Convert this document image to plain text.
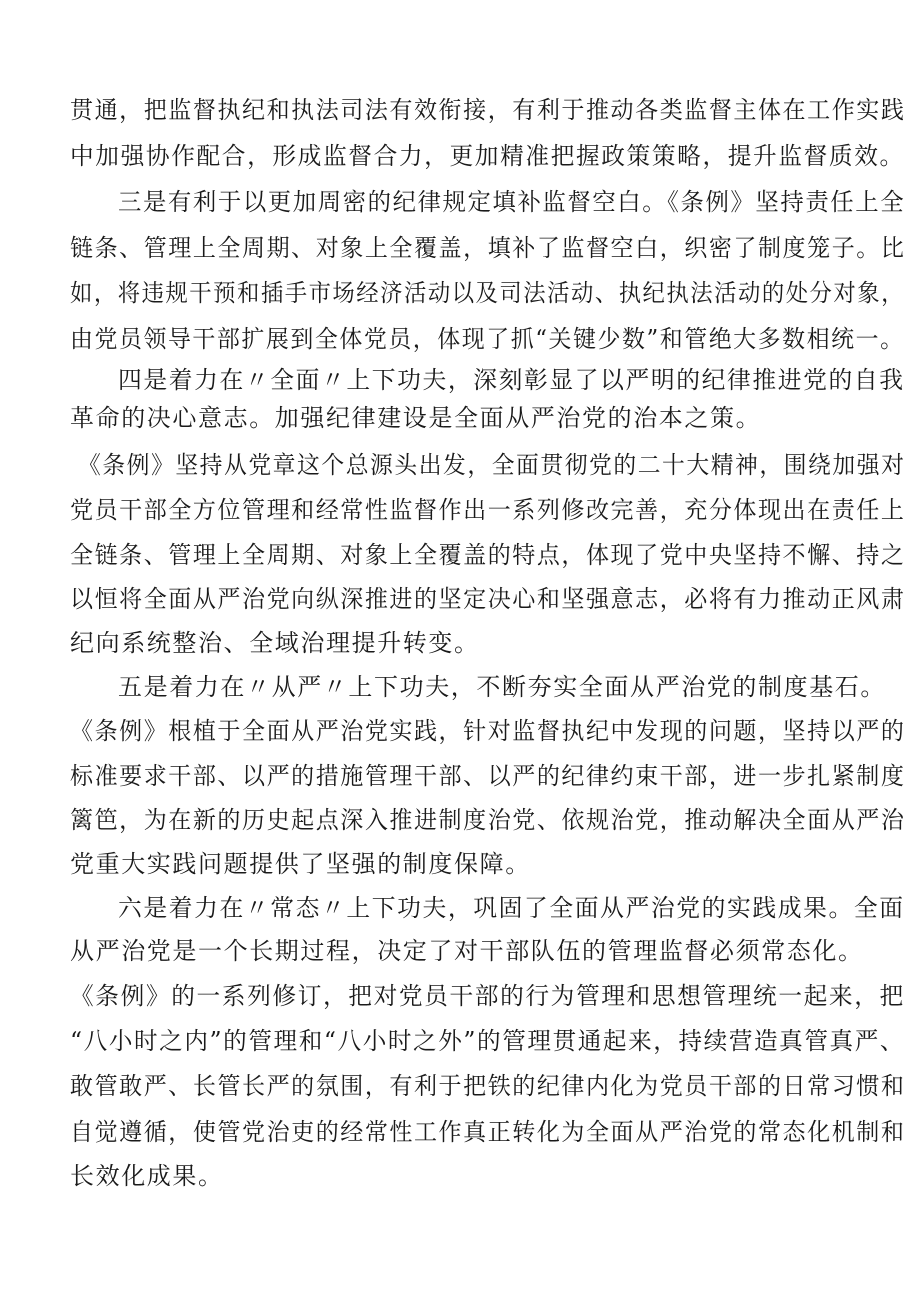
贯通，把监督执纪和执法司法有效衔接，有利于推动各类监督主体在工作实践
中加强协作配合，形成监督合力，更加精准把握政策策略，提升监督质效。
三是有利于以更加周密的纪律规定填补监督空白。《条例》坚持责任上全
链条、管理上全周期、对象上全覆盖，填补了监督空白，织密了制度笼子。比
如，将违规干预和插手市场经济活动以及司法活动、执纪执法活动的处分对象，
由党员领导干部扩展到全体党员，体现了抓“关键少数”和管绝大多数相统一。
四是着力在〃全面〃上下功夫，深刻彰显了以严明的纪律推进党的自我
革命的决心意志。加强纪律建设是全面从严治党的治本之策。
《条例》坚持从党章这个总源头出发，全面贯彻党的二十大精神，围绕加强对
党员干部全方位管理和经常性监督作出一系列修改完善，充分体现出在责任上
全链条、管理上全周期、对象上全覆盖的特点，体现了党中央坚持不懈、持之
以恒将全面从严治党向纵深推进的坚定决心和坚强意志，必将有力推动正风肃
纪向系统整治、全域治理提升转变。
五是着力在〃从严〃上下功夫，不断夯实全面从严治党的制度基石。
《条例》根植于全面从严治党实践，针对监督执纪中发现的问题，坚持以严的
标准要求干部、以严的措施管理干部、以严的纪律约束干部，进一步扎紧制度
篱笆，为在新的历史起点深入推进制度治党、依规治党，推动解决全面从严治
党重大实践问题提供了坚强的制度保障。
六是着力在〃常态〃上下功夫，巩固了全面从严治党的实践成果。全面
从严治党是一个长期过程，决定了对干部队伍的管理监督必须常态化。
《条例》的一系列修订，把对党员干部的行为管理和思想管理统一起来，把
“八小时之内”的管理和“八小时之外”的管理贯通起来，持续营造真管真严、
敢管敢严、长管长严的氛围，有利于把铁的纪律内化为党员干部的日常习惯和
自觉遵循，使管党治吏的经常性工作真正转化为全面从严治党的常态化机制和
长效化成果。
